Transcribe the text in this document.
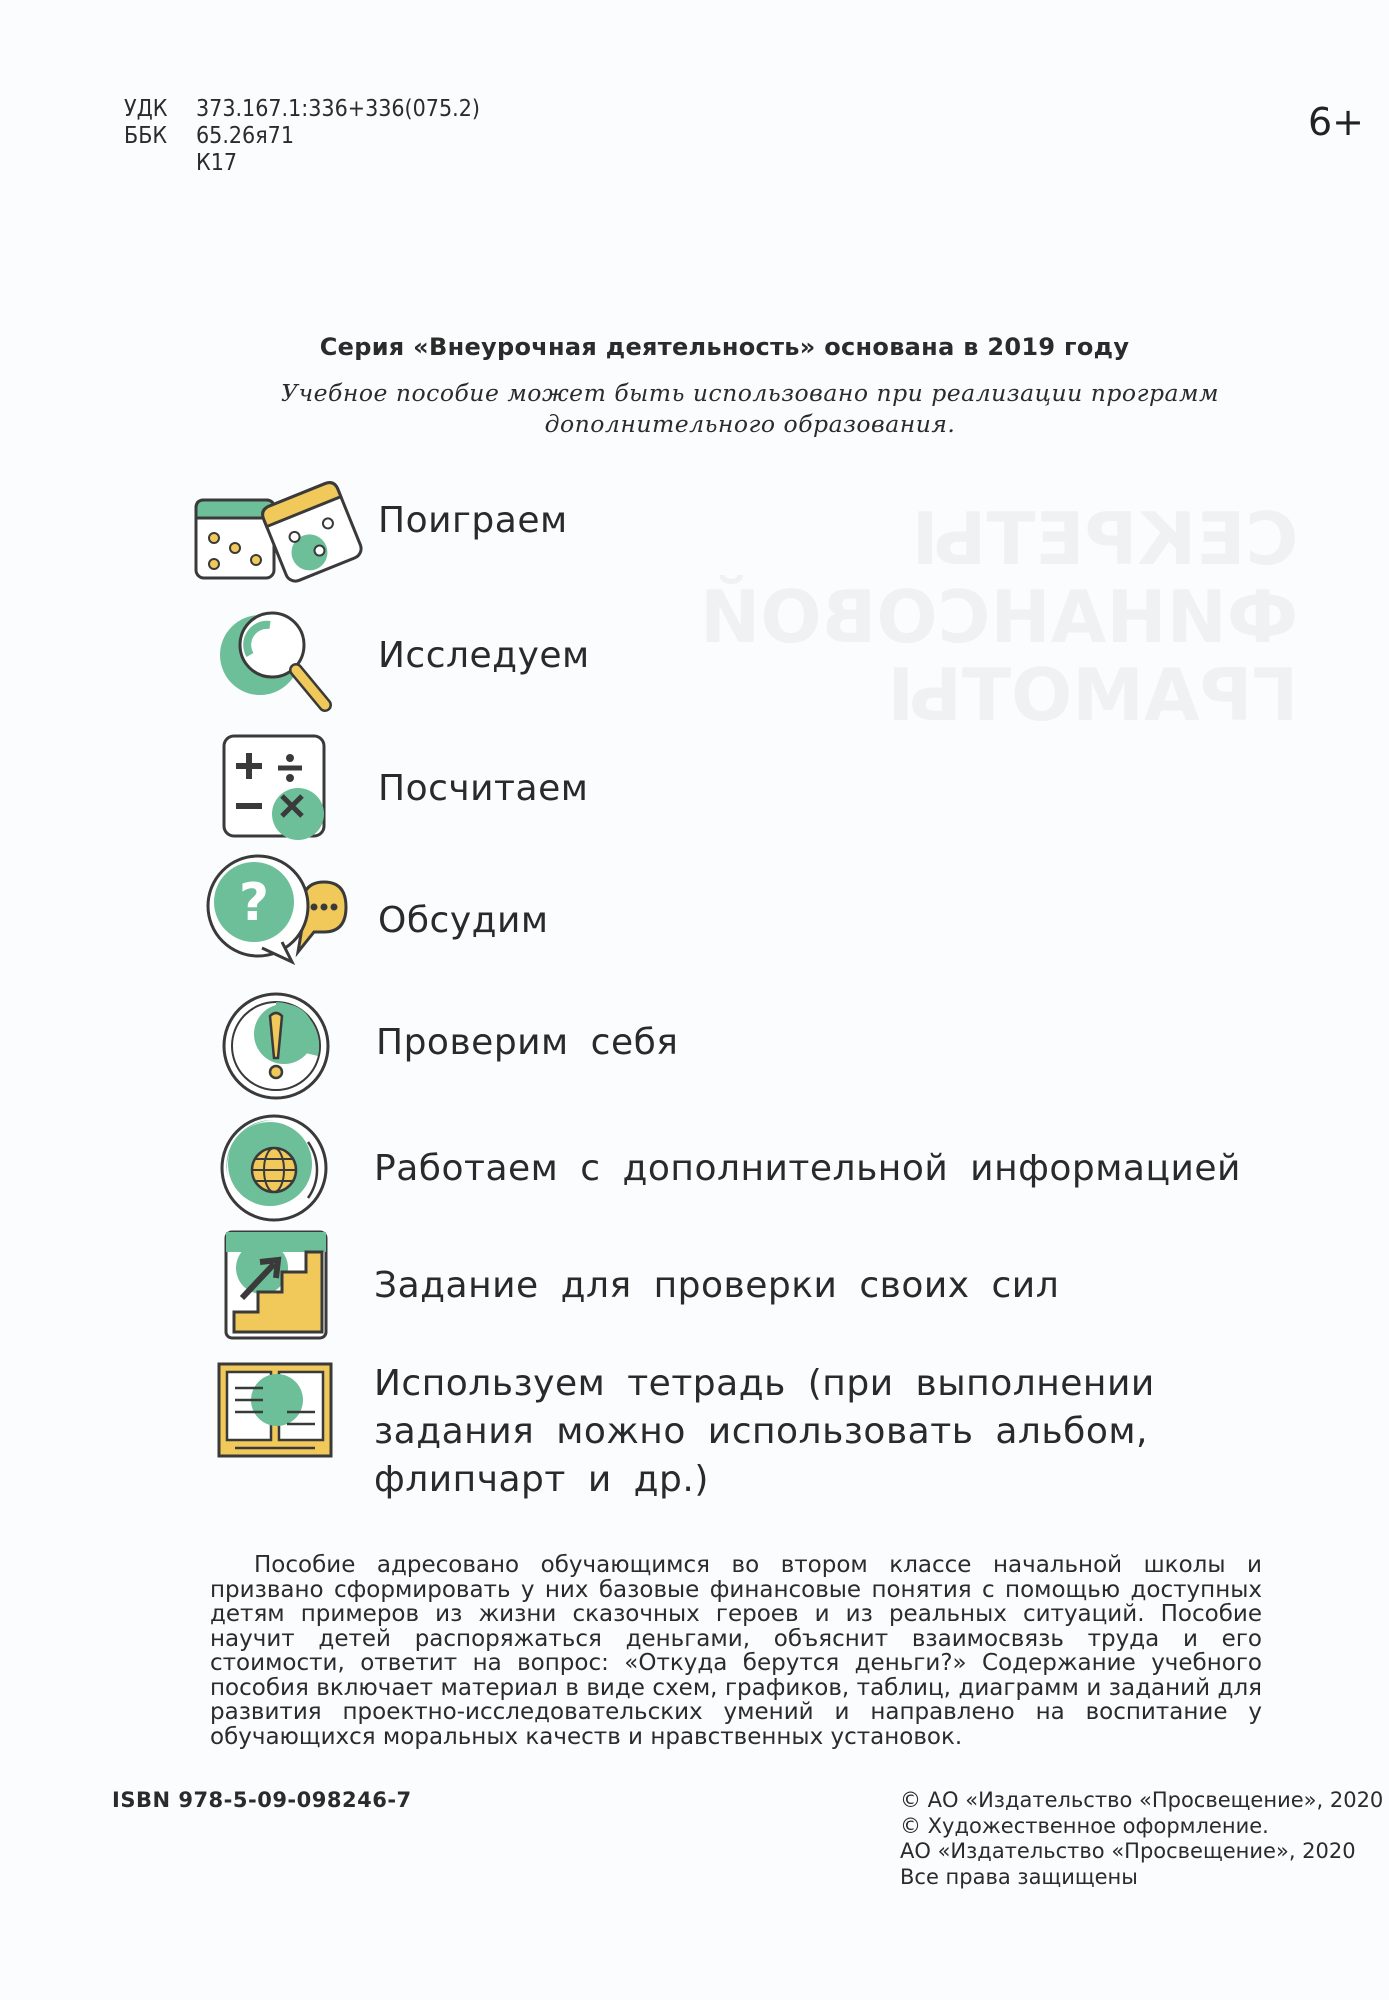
СЕКРЕТЫ
ФИНАНСОВОЙ
ГРАМОТЫ
УДК	373.167.1:336+336(075.2)
ББК	65.26я71
К17
6+
Серия «Внеурочная деятельность» основана в 2019 году
Учебное пособие может быть использовано при реализации программ дополнительного образования.
Поиграем
Исследуем
Посчитаем
?	Обсудим
Проверим себя
Работаем с дополнительной информацией
Задание для проверки своих сил
Используем тетрадь (при выполнении задания можно использовать альбом, флипчарт и др.)
Пособие адресовано обучающимся во втором классе начальной школы и призвано сформировать у них базовые финансовые понятия с помощью доступных детям примеров из жизни сказочных героев и из реальных ситуаций. Пособие научит детей распоряжаться деньгами, объяснит взаимосвязь труда и его стоимости, ответит на вопрос: «Откуда берутся деньги?» Содержание учебного пособия включает материал в виде схем, графиков, таблиц, диаграмм и заданий для развития проектно-исследовательских умений и направлено на воспитание у обучающихся моральных качеств и нравственных установок.
ISBN 978-5-09-098246-7	© АО «Издательство «Просвещение», 2020
© Художественное оформление.
АО «Издательство «Просвещение», 2020
Все права защищены
